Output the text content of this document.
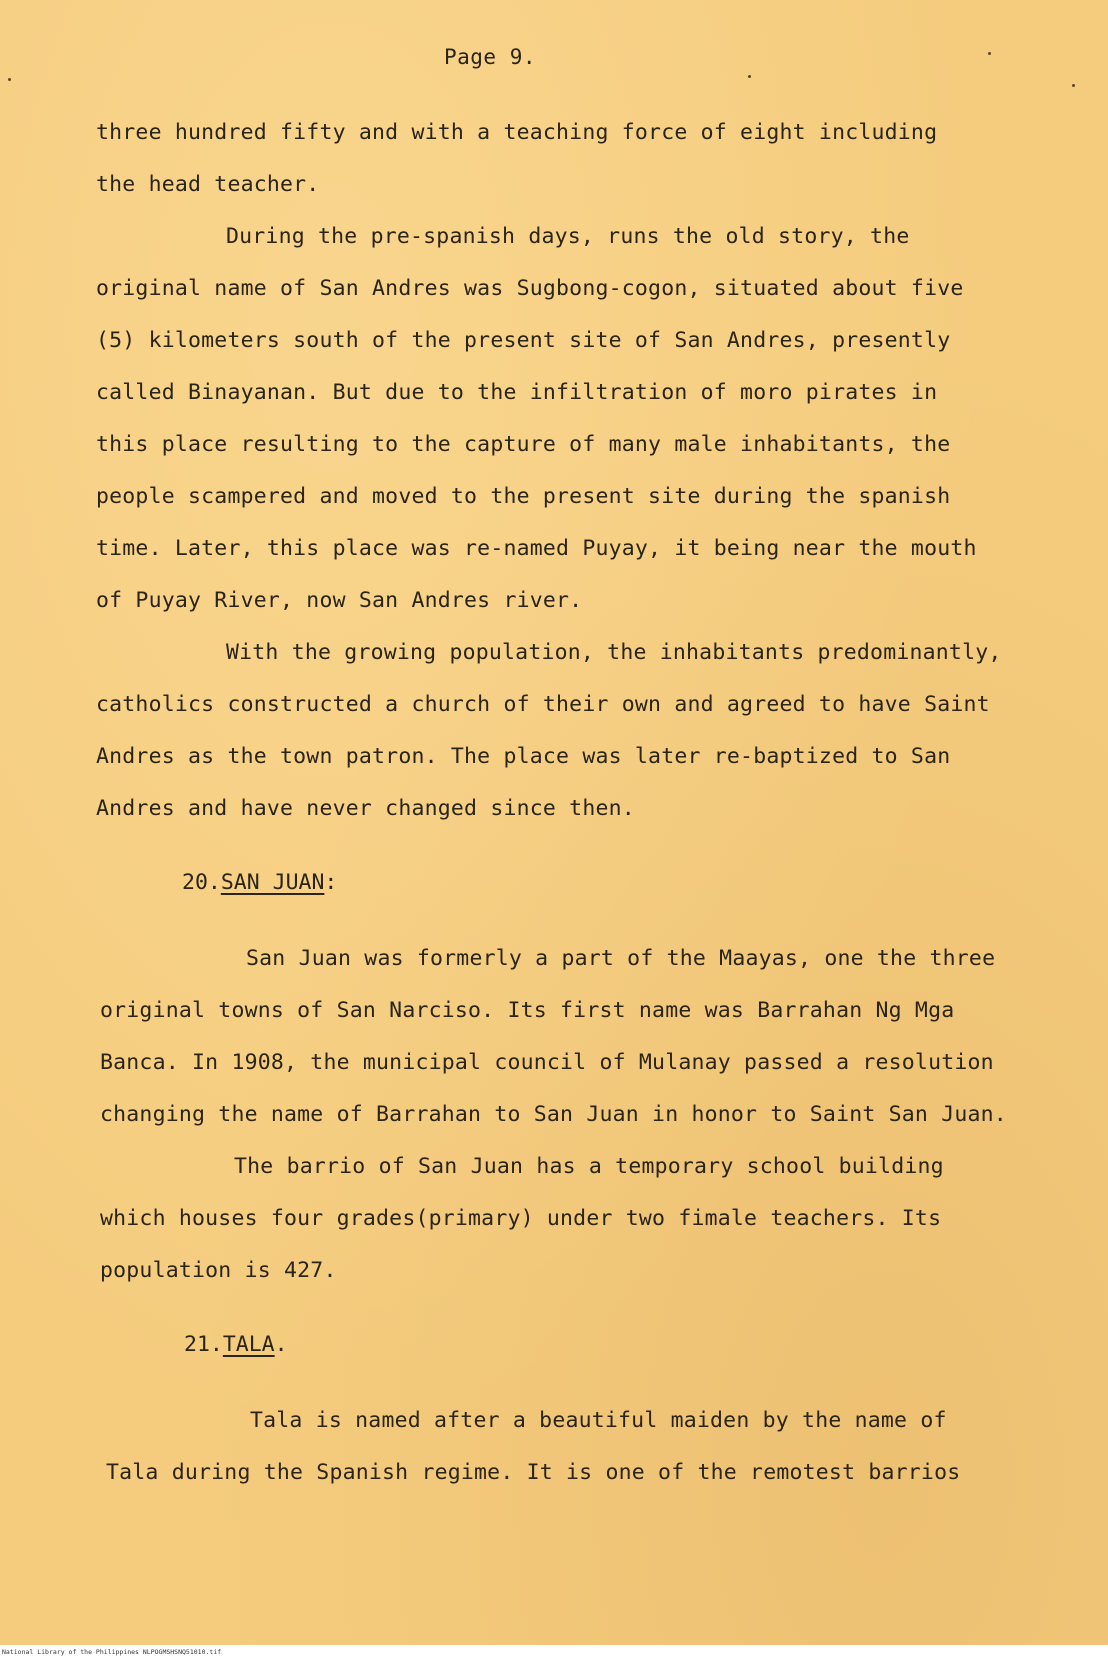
Page 9.
three hundred fifty and with a teaching force of eight including
the head teacher.
During the pre-spanish days, runs the old story, the
original name of San Andres was Sugbong-cogon, situated about five
(5) kilometers south of the present site of San Andres, presently
called Binayanan. But due to the infiltration of moro pirates in
this place resulting to the capture of many male inhabitants, the
people scampered and moved to the present site during the spanish
time. Later, this place was re-named Puyay, it being near the mouth
of Puyay River, now San Andres river.
With the growing population, the inhabitants predominantly,
catholics constructed a church of their own and agreed to have Saint
Andres as the town patron. The place was later re-baptized to San
Andres and have never changed since then.
20.SAN JUAN:
San Juan was formerly a part of the Maayas, one the three
original towns of San Narciso. Its first name was Barrahan Ng Mga
Banca. In 1908, the municipal council of Mulanay passed a resolution
changing the name of Barrahan to San Juan in honor to Saint San Juan.
The barrio of San Juan has a temporary school building
which houses four grades(primary) under two fimale teachers. Its
population is 427.
21.TALA.
Tala is named after a beautiful maiden by the name of
Tala during the Spanish regime. It is one of the remotest barrios
National Library of the Philippines NLPOGMSHSNQ51010.tif
